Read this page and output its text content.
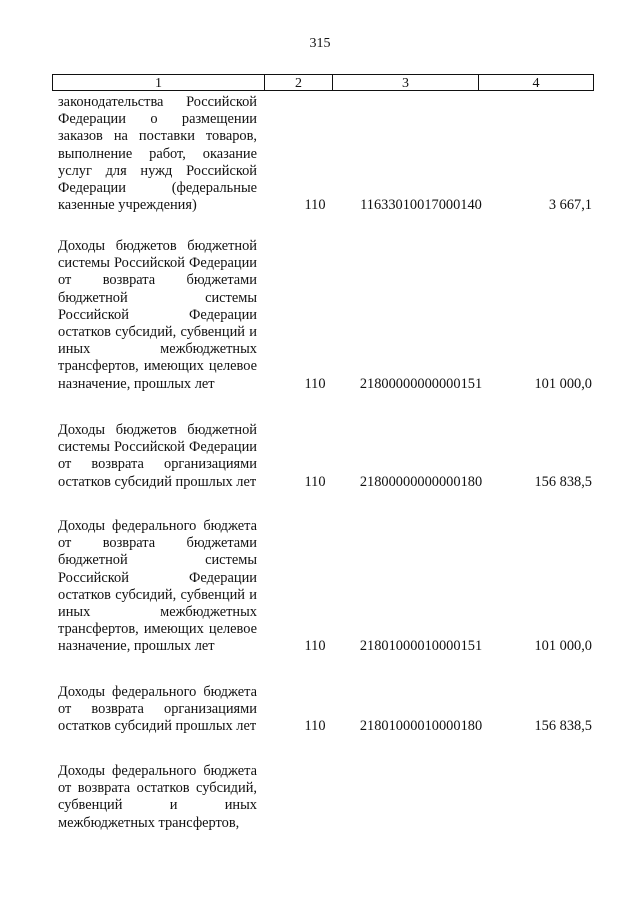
315
1	2	3	4
законодательства Российской Федерации о размещении заказов на поставки товаров, выполнение работ, оказание услуг для нужд Российской Федерации (федеральные казенные учреждения)	110	11633010017000140	3 667,1
Доходы бюджетов бюджетной системы Российской Федерации от возврата бюджетами бюджетной системы Российской Федерации остатков субсидий, субвенций и иных межбюджетных трансфертов, имеющих целевое назначение, прошлых лет	110	21800000000000151	101 000,0
Доходы бюджетов бюджетной системы Российской Федерации от возврата организациями остатков субсидий прошлых лет	110	21800000000000180	156 838,5
Доходы федерального бюджета от возврата бюджетами бюджетной системы Российской Федерации остатков субсидий, субвенций и иных межбюджетных трансфертов, имеющих целевое назначение, прошлых лет	110	21801000010000151	101 000,0
Доходы федерального бюджета от возврата организациями остатков субсидий прошлых лет	110	21801000010000180	156 838,5
Доходы федерального бюджета от возврата остатков субсидий, субвенций и иных межбюджетных трансфертов,
